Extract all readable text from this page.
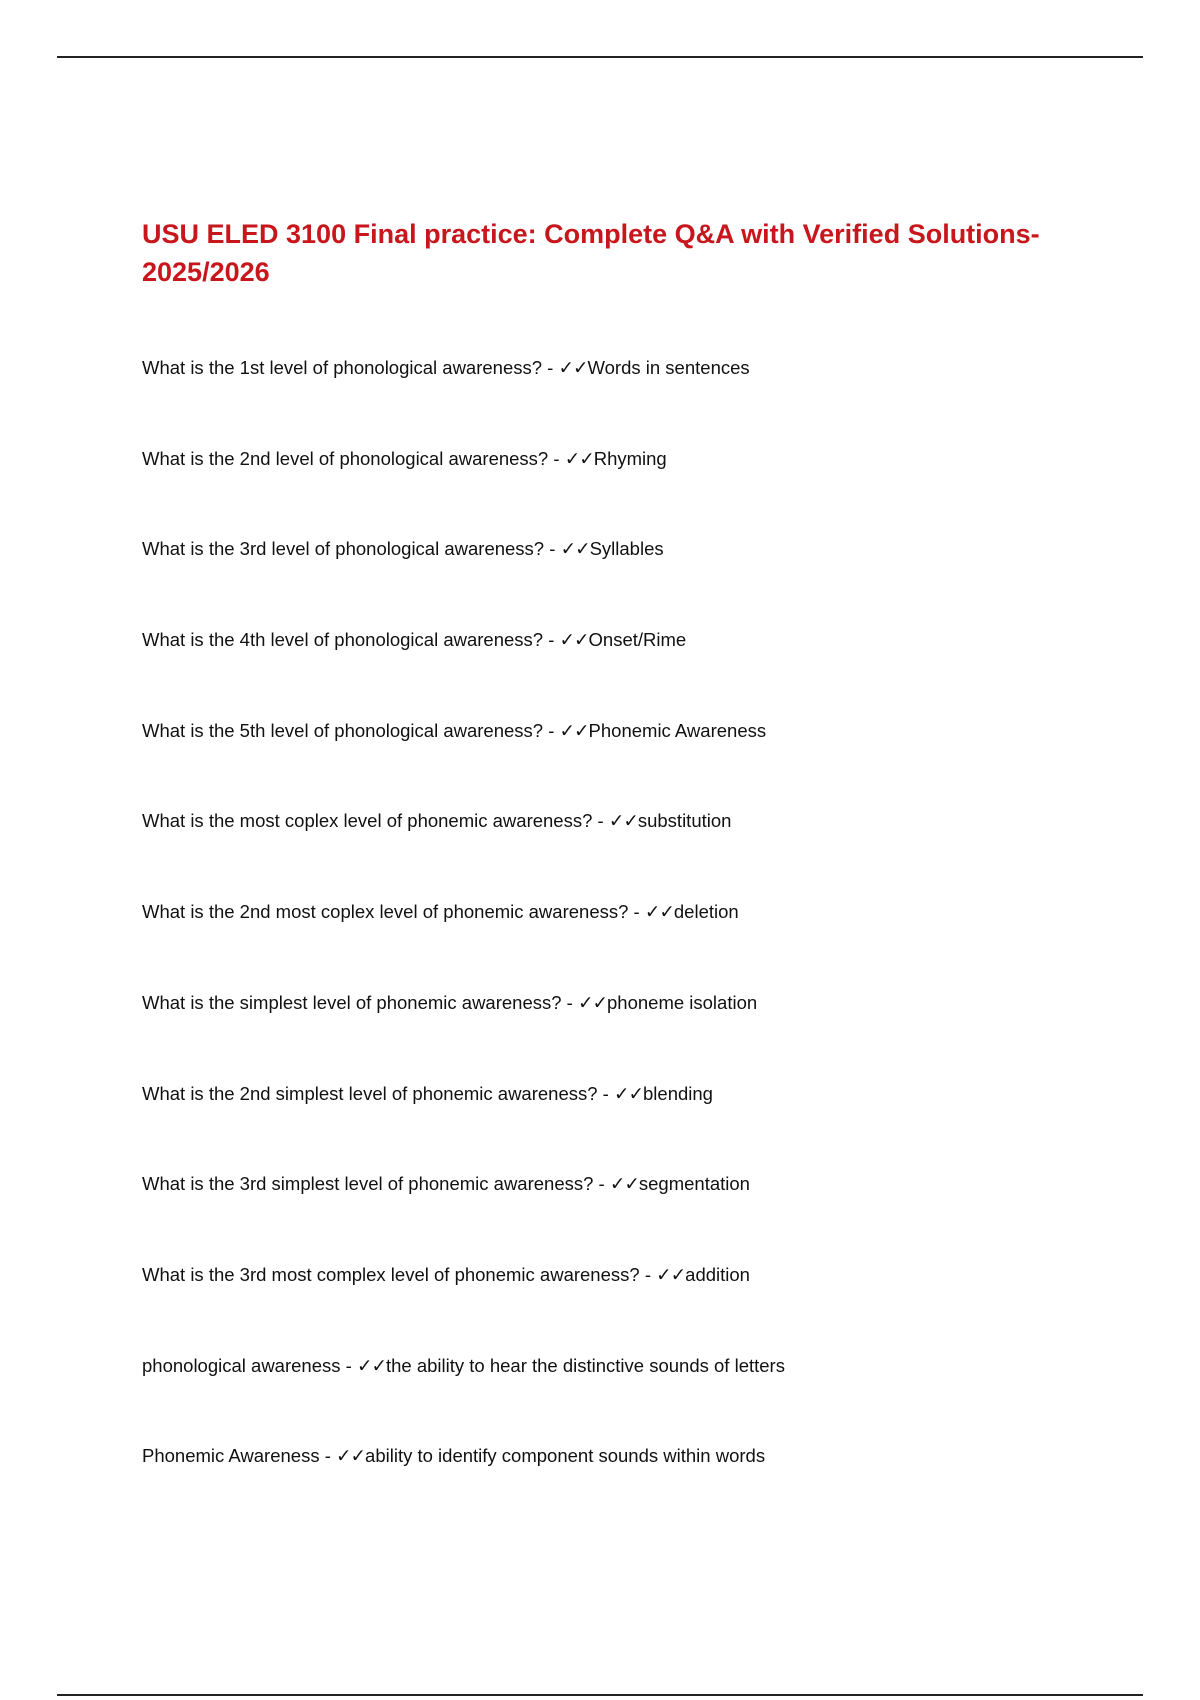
USU ELED 3100 Final practice: Complete Q&A with Verified Solutions-2025/2026
What is the 1st level of phonological awareness? - ✓✓Words in sentences
What is the 2nd level of phonological awareness? - ✓✓Rhyming
What is the 3rd level of phonological awareness? - ✓✓Syllables
What is the 4th level of phonological awareness? - ✓✓Onset/Rime
What is the 5th level of phonological awareness? - ✓✓Phonemic Awareness
What is the most coplex level of phonemic awareness? - ✓✓substitution
What is the 2nd most coplex level of phonemic awareness? - ✓✓deletion
What is the simplest level of phonemic awareness? - ✓✓phoneme isolation
What is the 2nd simplest level of phonemic awareness? - ✓✓blending
What is the 3rd simplest level of phonemic awareness? - ✓✓segmentation
What is the 3rd most complex level of phonemic awareness? - ✓✓addition
phonological awareness - ✓✓the ability to hear the distinctive sounds of letters
Phonemic Awareness - ✓✓ability to identify component sounds within words
